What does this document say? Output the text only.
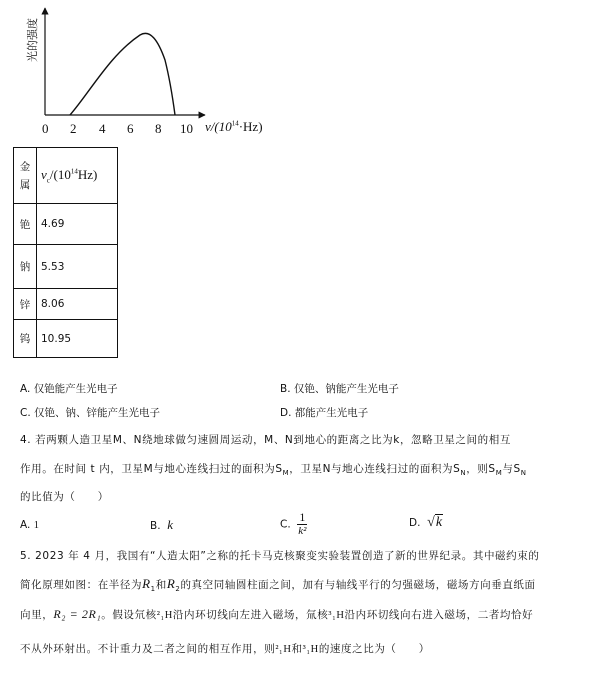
光的强度
0 2 4 6 8 10 $\nu/(10^{14}\cdot Hz)$
金属	$\nu_c/(10^{14}Hz)$
铯	4.69
钠	5.53
锌	8.06
钨	10.95
A. 仅铯能产生光电子	B. 仅铯、钠能产生光电子
C. 仅铯、钠、锌能产生光电子	D. 都能产生光电子
4. 若两颗人造卫星M、N绕地球做匀速圆周运动，M、N到地心的距离之比为k，忽略卫星之间的相互
作用。在时间 t 内，卫星M与地心连线扫过的面积为$S_M$，卫星N与地心连线扫过的面积为$S_N$，则$S_M$与$S_N$
的比值为（　　）
A. 1	B. k	C. $\frac{1}{\text{k²}}$	D. √k
5. 2023 年 4 月，我国有“人造太阳”之称的托卡马克核聚变实验装置创造了新的世界纪录。其中磁约束的
简化原理如图：在半径为$R_1$和$R_2$的真空同轴圆柱面之间，加有与轴线平行的匀强磁场，磁场方向垂直纸面
向里，R₂ = 2R₁。假设氘核²₁H沿内环切线向左进入磁场，氚核³₁H沿内环切线向右进入磁场，二者均恰好
不从外环射出。不计重力及二者之间的相互作用，则²₁H和³₁H的速度之比为（　　）
